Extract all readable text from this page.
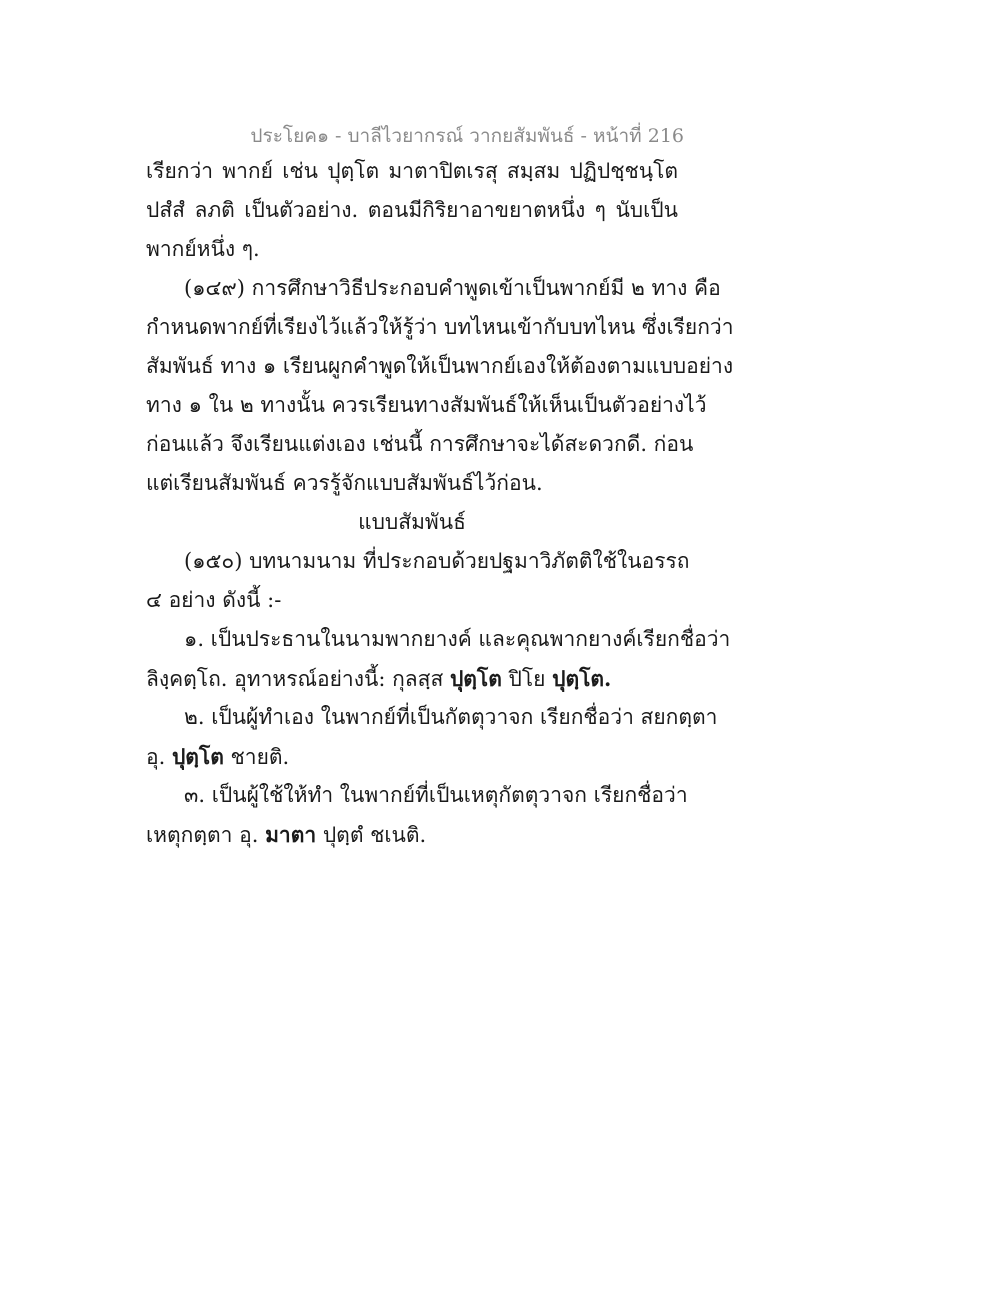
ประโยค๑ - บาลีไวยากรณ์ วากยสัมพันธ์ - หน้าที่ 216
เรียกว่า พากย์ เช่น ปุตฺโต มาตาปิตเรสุ สมฺสม ปฏิปชฺชนฺโต
ปสํสํ ลภติ เป็นตัวอย่าง. ตอนมีกิริยาอาขยาตหนึ่ง ๆ นับเป็น
พากย์หนึ่ง ๆ.
(๑๔๙) การศึกษาวิธีประกอบคำพูดเข้าเป็นพากย์มี ๒ ทาง คือ
กำหนดพากย์ที่เรียงไว้แล้วให้รู้ว่า บทไหนเข้ากับบทไหน ซึ่งเรียกว่า
สัมพันธ์ ทาง ๑ เรียนผูกคำพูดให้เป็นพากย์เองให้ต้องตามแบบอย่าง
ทาง ๑ ใน ๒ ทางนั้น ควรเรียนทางสัมพันธ์ให้เห็นเป็นตัวอย่างไว้
ก่อนแล้ว จึงเรียนแต่งเอง เช่นนี้ การศึกษาจะได้สะดวกดี. ก่อน
แต่เรียนสัมพันธ์ ควรรู้จักแบบสัมพันธ์ไว้ก่อน.
แบบสัมพันธ์
(๑๕๐) บทนามนาม ที่ประกอบด้วยปฐมาวิภัตติใช้ในอรรถ
๔ อย่าง ดังนี้ :-
๑. เป็นประธานในนามพากยางค์ และคุณพากยางค์เรียกชื่อว่า
ลิงฺคตฺโถ. อุทาหรณ์อย่างนี้: กุลสฺส ปุตฺโต ปิโย ปุตฺโต.
๒. เป็นผู้ทำเอง ในพากย์ที่เป็นกัตตุวาจก เรียกชื่อว่า สยกตฺตา
อุ. ปุตฺโต ชายติ.
๓. เป็นผู้ใช้ให้ทำ ในพากย์ที่เป็นเหตุกัตตุวาจก เรียกชื่อว่า
เหตุกตฺตา อุ. มาตา ปุตฺตํ ชเนติ.
